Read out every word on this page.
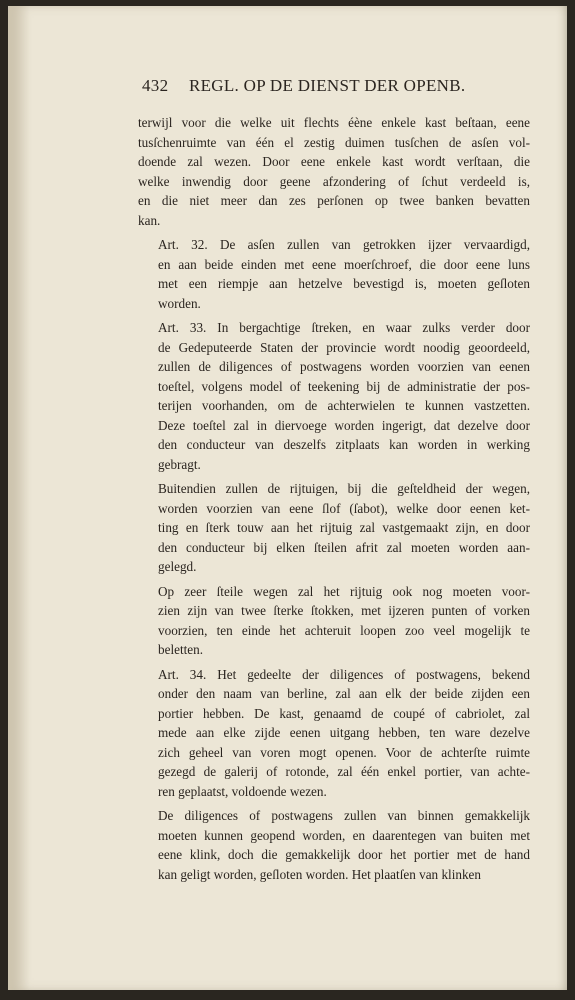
432 REGL. OP DE DIENST DER OPENB.

terwijl voor die welke uit flechts éène enkele kast beſtaan, eene
tusſchenruimte van één el zestig duimen tusſchen de asſen vol-
doende zal wezen. Door eene enkele kast wordt verſtaan, die
welke inwendig door geene afzondering of ſchut verdeeld is,
en die niet meer dan zes perſonen op twee banken bevatten
kan.

Art. 32. De asſen zullen van getrokken ijzer vervaardigd,
en aan beide einden met eene moerſchroef, die door eene luns
met een riempje aan hetzelve bevestigd is, moeten geſloten
worden.

Art. 33. In bergachtige ſtreken, en waar zulks verder door
de Gedeputeerde Staten der provincie wordt noodig geoordeeld,
zullen de diligences of postwagens worden voorzien van eenen
toeſtel, volgens model of teekening bij de administratie der pos-
terijen voorhanden, om de achterwielen te kunnen vastzetten.
Deze toeſtel zal in diervoege worden ingerigt, dat dezelve door
den conducteur van deszelfs zitplaats kan worden in werking
gebragt.

Buitendien zullen de rijtuigen, bij die geſteldheid der wegen,
worden voorzien van eene ſlof (ſabot), welke door eenen ket-
ting en ſterk touw aan het rijtuig zal vastgemaakt zijn, en door
den conducteur bij elken ſteilen afrit zal moeten worden aan-
gelegd.

Op zeer ſteile wegen zal het rijtuig ook nog moeten voor-
zien zijn van twee ſterke ſtokken, met ijzeren punten of vorken
voorzien, ten einde het achteruit loopen zoo veel mogelijk te
beletten.

Art. 34. Het gedeelte der diligences of postwagens, bekend
onder den naam van berline, zal aan elk der beide zijden een
portier hebben. De kast, genaamd de coupé of cabriolet, zal
mede aan elke zijde eenen uitgang hebben, ten ware dezelve
zich geheel van voren mogt openen. Voor de achterſte ruimte
gezegd de galerij of rotonde, zal één enkel portier, van achte-
ren geplaatst, voldoende wezen.

De diligences of postwagens zullen van binnen gemakkelijk
moeten kunnen geopend worden, en daarentegen van buiten met
eene klink, doch die gemakkelijk door het portier met de hand
kan geligt worden, geſloten worden. Het plaatſen van klinken
